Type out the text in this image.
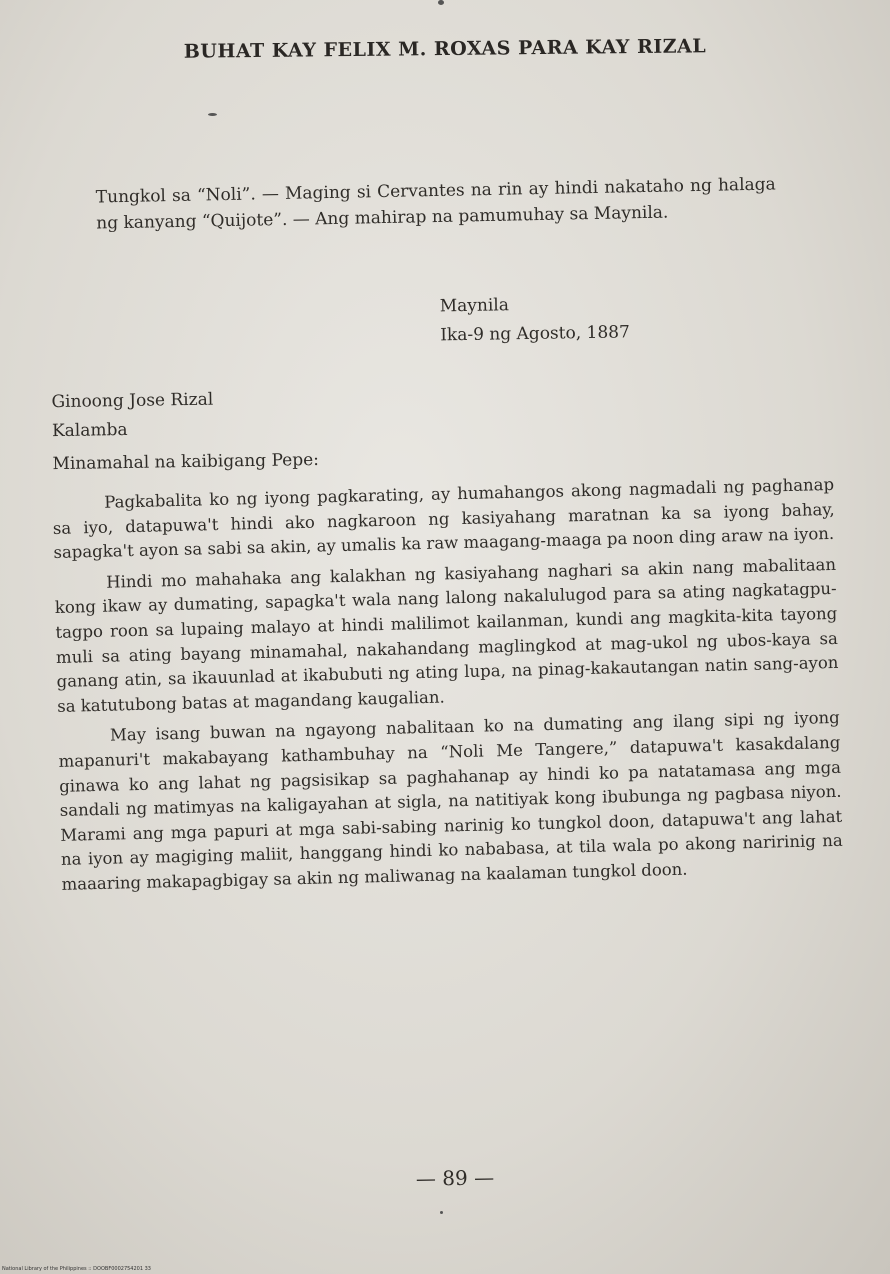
BUHAT KAY FELIX M. ROXAS PARA KAY RIZAL
Tungkol sa “Noli”. — Maging si Cervantes na rin ay hindi nakataho ng halaga ng kanyang “Quijote”. — Ang mahirap na pamumuhay sa Maynila.
Maynila
Ika-9 ng Agosto, 1887
Ginoong Jose Rizal
Kalamba
Minamahal na kaibigang Pepe:

Pagkabalita ko ng iyong pagkarating, ay humahangos akong nagmadali ng paghanap sa iyo, datapuwa't hindi ako nagkaroon ng kasiyahang maratnan ka sa iyong bahay, sapagka't ayon sa sabi sa akin, ay umalis ka raw maagang-maaga pa noon ding araw na iyon.

Hindi mo mahahaka ang kalakhan ng kasiyahang naghari sa akin nang mabalitaan kong ikaw ay dumating, sapagka't wala nang lalong nakalulugod para sa ating nagkatagpu-tagpo roon sa lupaing malayo at hindi malilimot kailanman, kundi ang magkita-kita tayong muli sa ating bayang minamahal, nakahandang maglingkod at mag-ukol ng ubos-kaya sa ganang atin, sa ikauunlad at ikabubuti ng ating lupa, na pinag-kakautangan natin sang-ayon sa katutubong batas at magandang kaugalian.

May isang buwan na ngayong nabalitaan ko na dumating ang ilang sipi ng iyong mapanuri't makabayang kathambuhay na “Noli Me Tangere,” datapuwa't kasakdalang ginawa ko ang lahat ng pagsisikap sa paghahanap ay hindi ko pa natatamasa ang mga sandali ng matimyas na kaligayahan at sigla, na natitiyak kong ibubunga ng pagbasa niyon. Marami ang mga papuri at mga sabi-sabing narinig ko tungkol doon, datapuwa't ang lahat na iyon ay magiging maliit, hanggang hindi ko nababasa, at tila wala po akong naririnig na maaaring makapagbigay sa akin ng maliwanag na kaalaman tungkol doon.

— 89 —
National Library of the Philippines :: DOOBF0002754201 33
